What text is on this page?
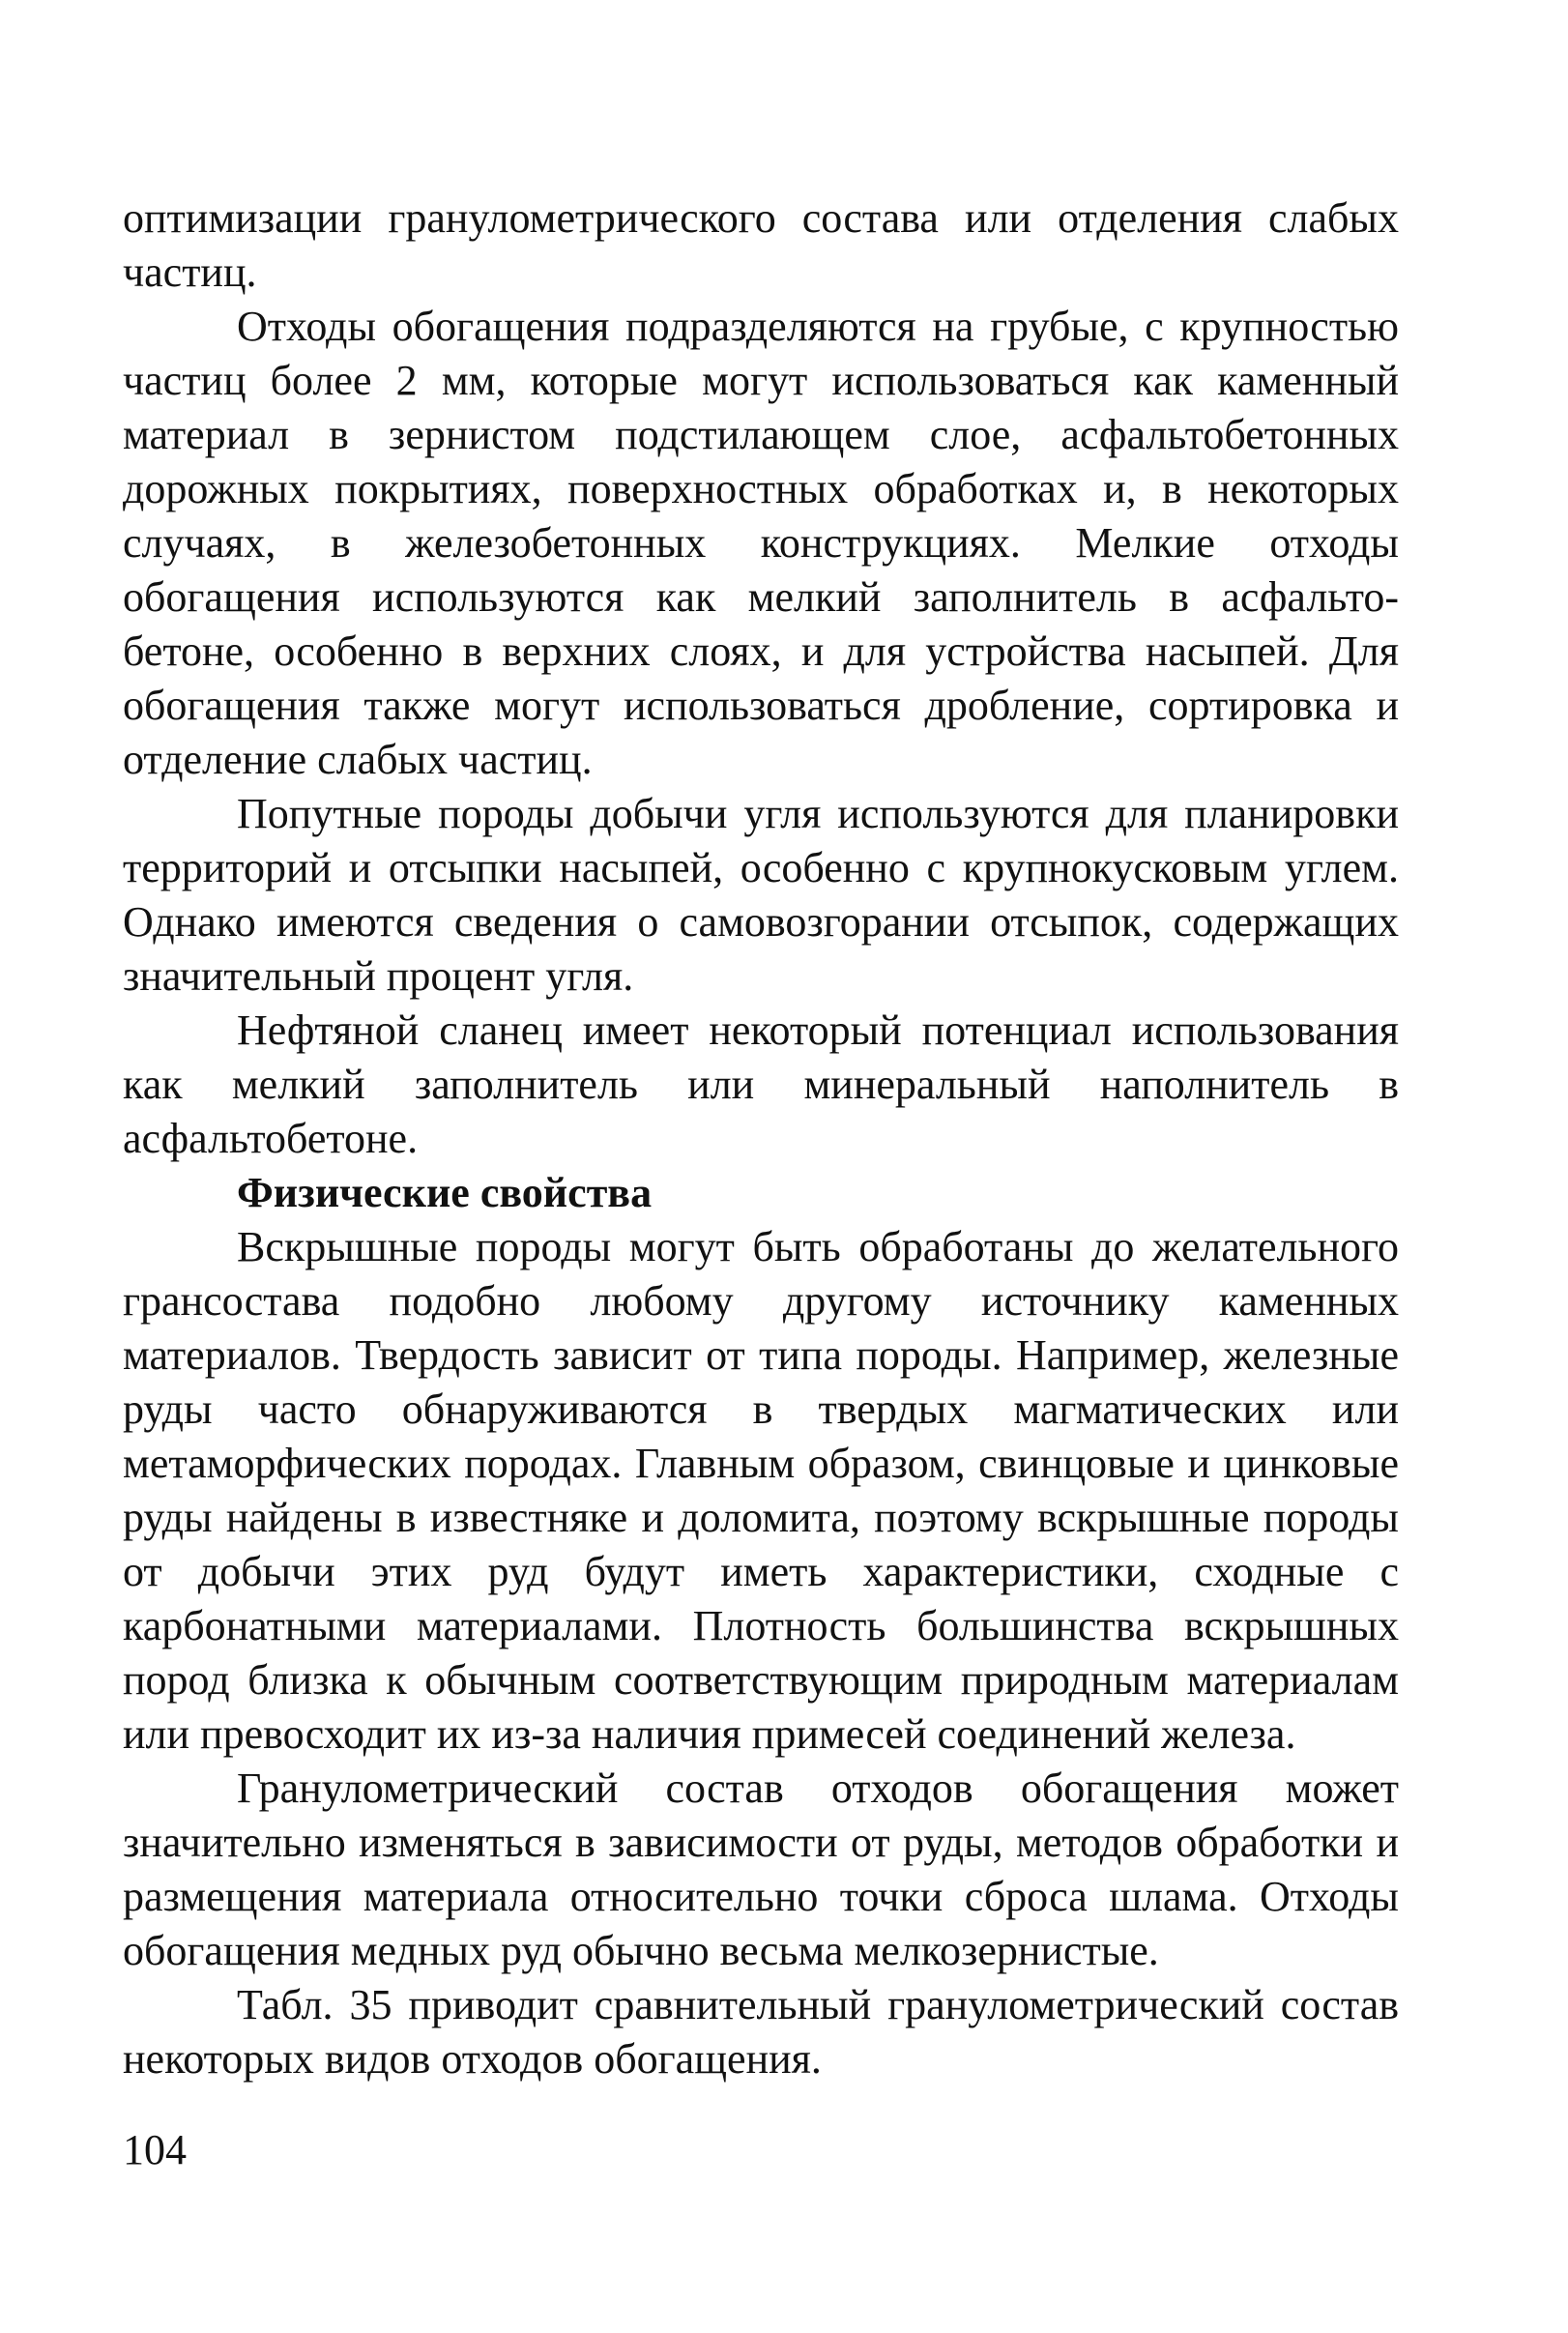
оптимизации гранулометрического состава или отделения слабых частиц.

Отходы обогащения подразделяются на грубые, с крупностью частиц более 2 мм, которые могут использоваться как каменный материал в зернистом подстилающем слое, асфальтобетонных дорожных покрытиях, поверхностных обработках и, в некоторых случаях, в железобетонных конструкциях. Мелкие отходы обогащения используются как мелкий заполнитель в асфальто-бетоне, особенно в верхних слоях, и для устройства насыпей. Для обогащения также могут использоваться дробление, сортировка и отделение слабых частиц.

Попутные породы добычи угля используются для планировки территорий и отсыпки насыпей, особенно с крупнокусковым углем. Однако имеются сведения о самовозгорании отсыпок, содержащих значительный процент угля.

Нефтяной сланец имеет некоторый потенциал использования как мелкий заполнитель или минеральный наполнитель в асфальтобетоне.

Физические свойства

Вскрышные породы могут быть обработаны до желательного грансостава подобно любому другому источнику каменных материалов. Твердость зависит от типа породы. Например, железные руды часто обнаруживаются в твердых магматических или метаморфических породах. Главным образом, свинцовые и цинковые руды найдены в известняке и доломита, поэтому вскрышные породы от добычи этих руд будут иметь характеристики, сходные с карбонатными материалами. Плотность большинства вскрышных пород близка к обычным соответствующим природным материалам или превосходит их из-за наличия примесей соединений железа.

Гранулометрический состав отходов обогащения может значительно изменяться в зависимости от руды, методов обработки и размещения материала относительно точки сброса шлама. Отходы обогащения медных руд обычно весьма мелкозернистые.

Табл. 35 приводит сравнительный гранулометрический состав некоторых видов отходов обогащения.

104
